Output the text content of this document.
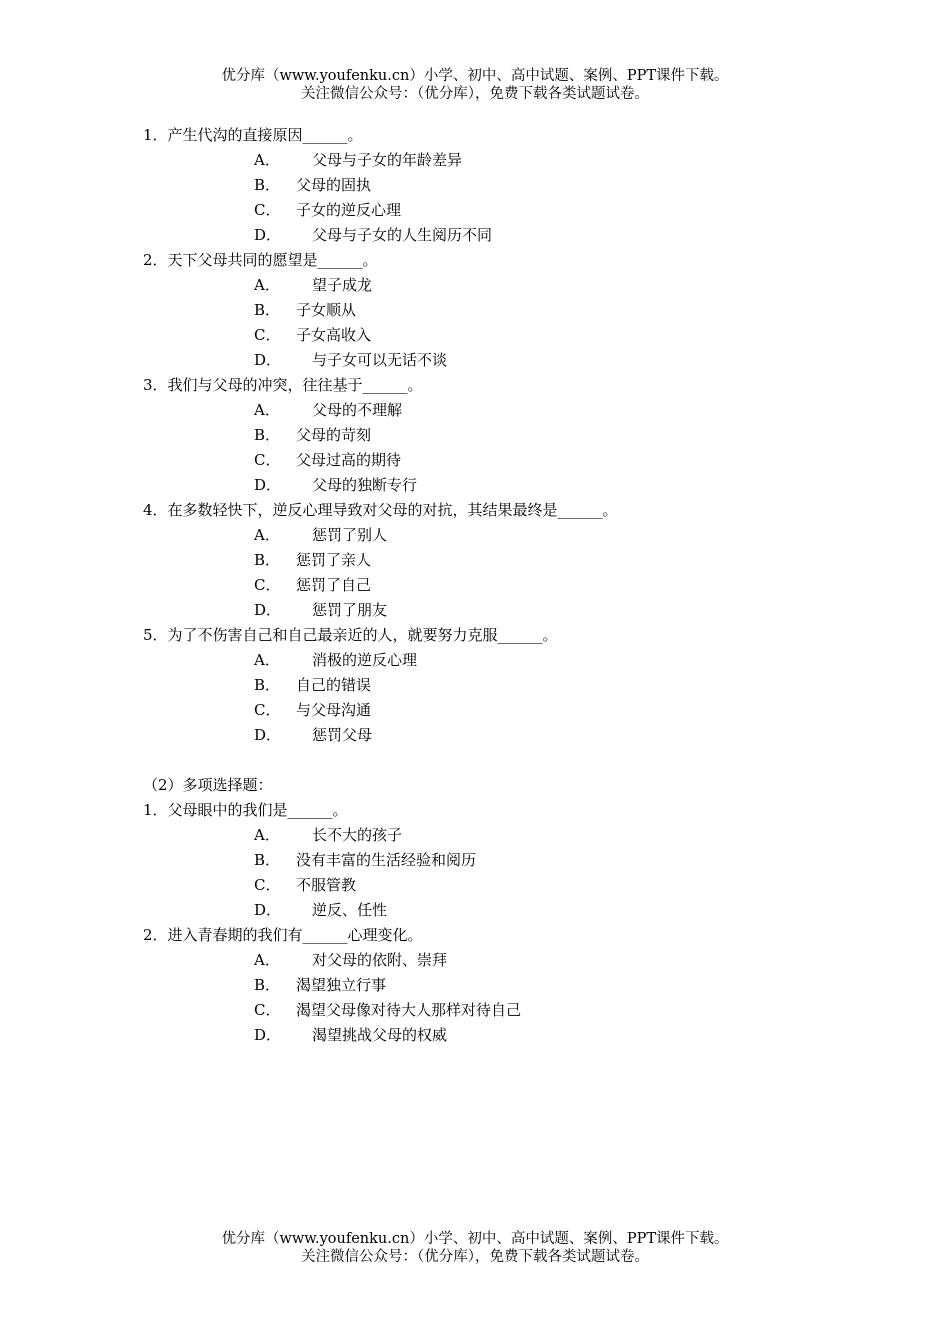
优分库（www.youfenku.cn）小学、初中、高中试题、案例、PPT课件下载。
关注微信公众号：（优分库），免费下载各类试题试卷。
1．产生代沟的直接原因______。
A． 父母与子女的年龄差异
B． 父母的固执
C． 子女的逆反心理
D． 父母与子女的人生阅历不同
2．天下父母共同的愿望是______。
A． 望子成龙
B． 子女顺从
C． 子女高收入
D． 与子女可以无话不谈
3．我们与父母的冲突，往往基于______。
A． 父母的不理解
B． 父母的苛刻
C． 父母过高的期待
D． 父母的独断专行
4．在多数轻快下，逆反心理导致对父母的对抗，其结果最终是______。
A． 惩罚了别人
B． 惩罚了亲人
C． 惩罚了自己
D． 惩罚了朋友
5．为了不伤害自己和自己最亲近的人，就要努力克服______。
A． 消极的逆反心理
B． 自己的错误
C． 与父母沟通
D． 惩罚父母
（2）多项选择题：
1．父母眼中的我们是______。
A． 长不大的孩子
B． 没有丰富的生活经验和阅历
C． 不服管教
D． 逆反、任性
2．进入青春期的我们有______心理变化。
A． 对父母的依附、崇拜
B． 渴望独立行事
C． 渴望父母像对待大人那样对待自己
D． 渴望挑战父母的权威
优分库（www.youfenku.cn）小学、初中、高中试题、案例、PPT课件下载。
关注微信公众号：（优分库），免费下载各类试题试卷。
